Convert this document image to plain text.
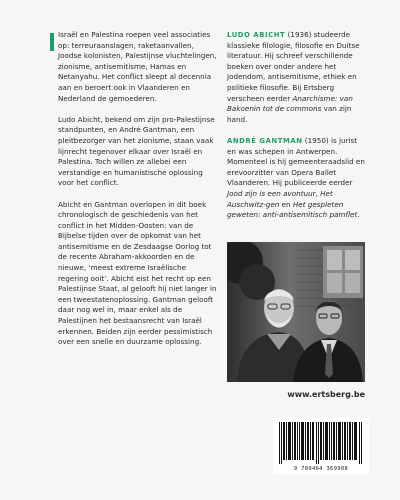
Israël en Palestina roepen veel associaties op: terreuraanslagen, raketaanvallen, Joodse kolonisten, Palestijnse vluchtelingen, zionisme, antisemitisme, Hamas en Netanyahu. Het conflict sleept al decennia aan en beroert ook in Vlaanderen en Nederland de gemoederen.

Ludo Abicht, bekend om zijn pro-Palestijnse standpunten, en André Gantman, een pleitbezorger van het zionisme, staan vaak lijnrecht tegenover elkaar over Israël en Palestina. Toch willen ze allebei een verstandige en humanistische oplossing voor het conflict.

Abicht en Gantman overlopen in dit boek chronologisch de geschiedenis van het conflict in het Midden-Oosten: van de Bijbelse tijden over de opkomst van het antisemitisme en de Zesdaagse Oorlog tot de recente Abraham-akkoorden en de nieuwe, ‘meest extreme Israëlische regering ooit’. Abicht eist het recht op een Palestijnse Staat, al gelooft hij niet langer in een tweestatenoplossing. Gantman gelooft daar nog wel in, maar enkel als de Palestijnen het bestaansrecht van Israël erkennen. Beiden zijn eerder pessimistisch over een snelle en duurzame oplossing.

LUDO ABICHT (1936) studeerde klassieke filologie, filosofie en Duitse literatuur. Hij schreef verschillende boeken over onder andere het Jodendom, antisemitisme, ethiek en politieke filosofie. Bij Ertsberg verscheen eerder Anarchisme: van Bakoenin tot de commons van zijn hand.

ANDRÉ GANTMAN (1950) is jurist en was schepen in Antwerpen. Momenteel is hij gemeenteraadslid en erevoorzitter van Opera Ballet Vlaanderen. Hij publiceerde eerder Jood zijn is een avontuur, Het Auschwitz-gen en Het gespleten geweten: anti-antisemitisch pamflet.

www.ertsberg.be
9 789464 369908
